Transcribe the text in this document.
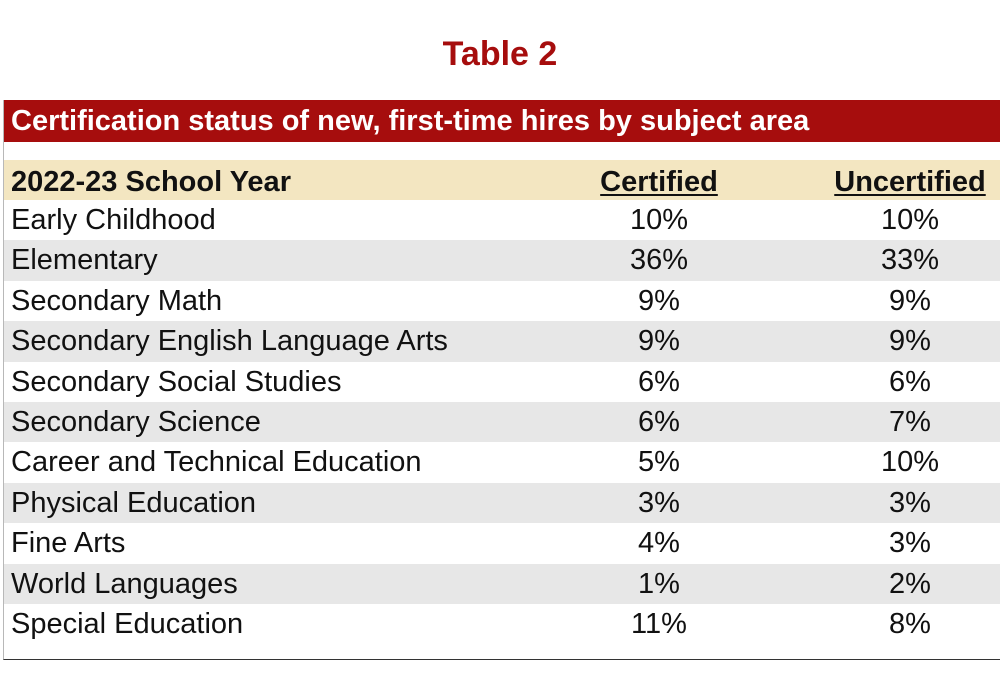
Table 2
Certification status of new, first-time hires by subject area
2022-23 School Year	Certified	Uncertified
Early Childhood	10%	10%
Elementary	36%	33%
Secondary Math	9%	9%
Secondary English Language Arts	9%	9%
Secondary Social Studies	6%	6%
Secondary Science	6%	7%
Career and Technical Education	5%	10%
Physical Education	3%	3%
Fine Arts	4%	3%
World Languages	1%	2%
Special Education	11%	8%
